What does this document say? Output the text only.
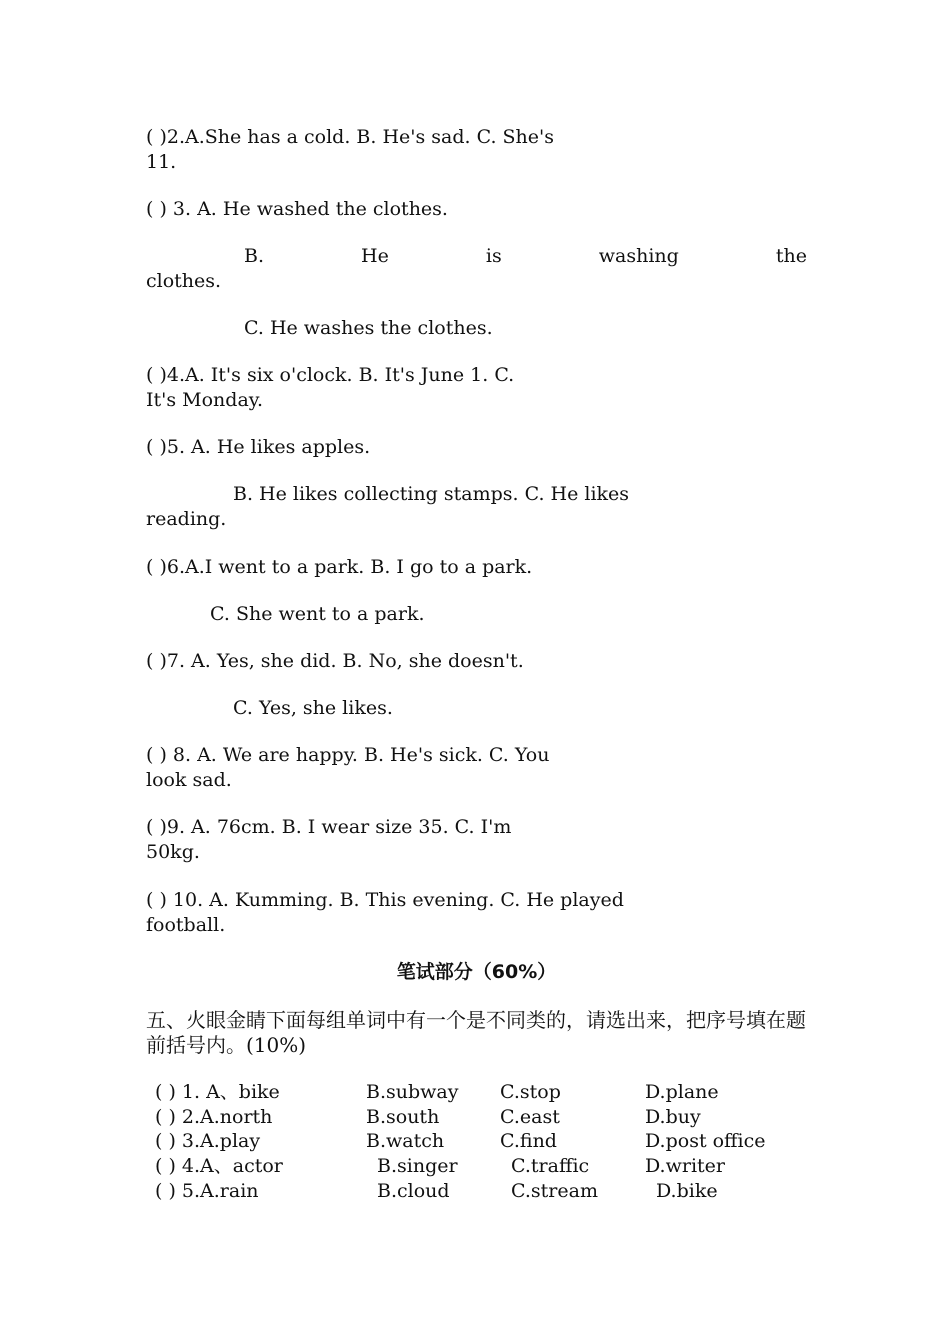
( )2.A.She has a cold. B. He's sad. C. She's

11.

( ) 3. A. He washed the clothes.

B. He is washing the

clothes.

C. He washes the clothes.

( )4.A. It's six o'clock. B. It's June 1. C.

It's Monday.

( )5. A. He likes apples.

B. He likes collecting stamps. C. He likes

reading.

( )6.A.I went to a park. B. I go to a park.

C. She went to a park.

( )7. A. Yes, she did. B. No, she doesn't.

C. Yes, she likes.

( ) 8. A. We are happy. B. He's sick. C. You

look sad.

( )9. A. 76cm. B. I wear size 35. C. I'm

50kg.

( ) 10. A. Kumming. B. This evening. C. He played

football.

笔试部分（60%）
五、火眼金睛下面每组单词中有一个是不同类的，请选出来，把序号填在题前括号内。(10%)
( ) 1. A、bike	B.subway C.stop	D.plane
( ) 2.A.north	B.south	C.east	D.buy
( ) 3.A.play	B.watch	C.find	D.post office
( ) 4.A、actor	B.singer	C.traffic	D.writer
( ) 5.A.rain	B.cloud	C.stream	D.bike
